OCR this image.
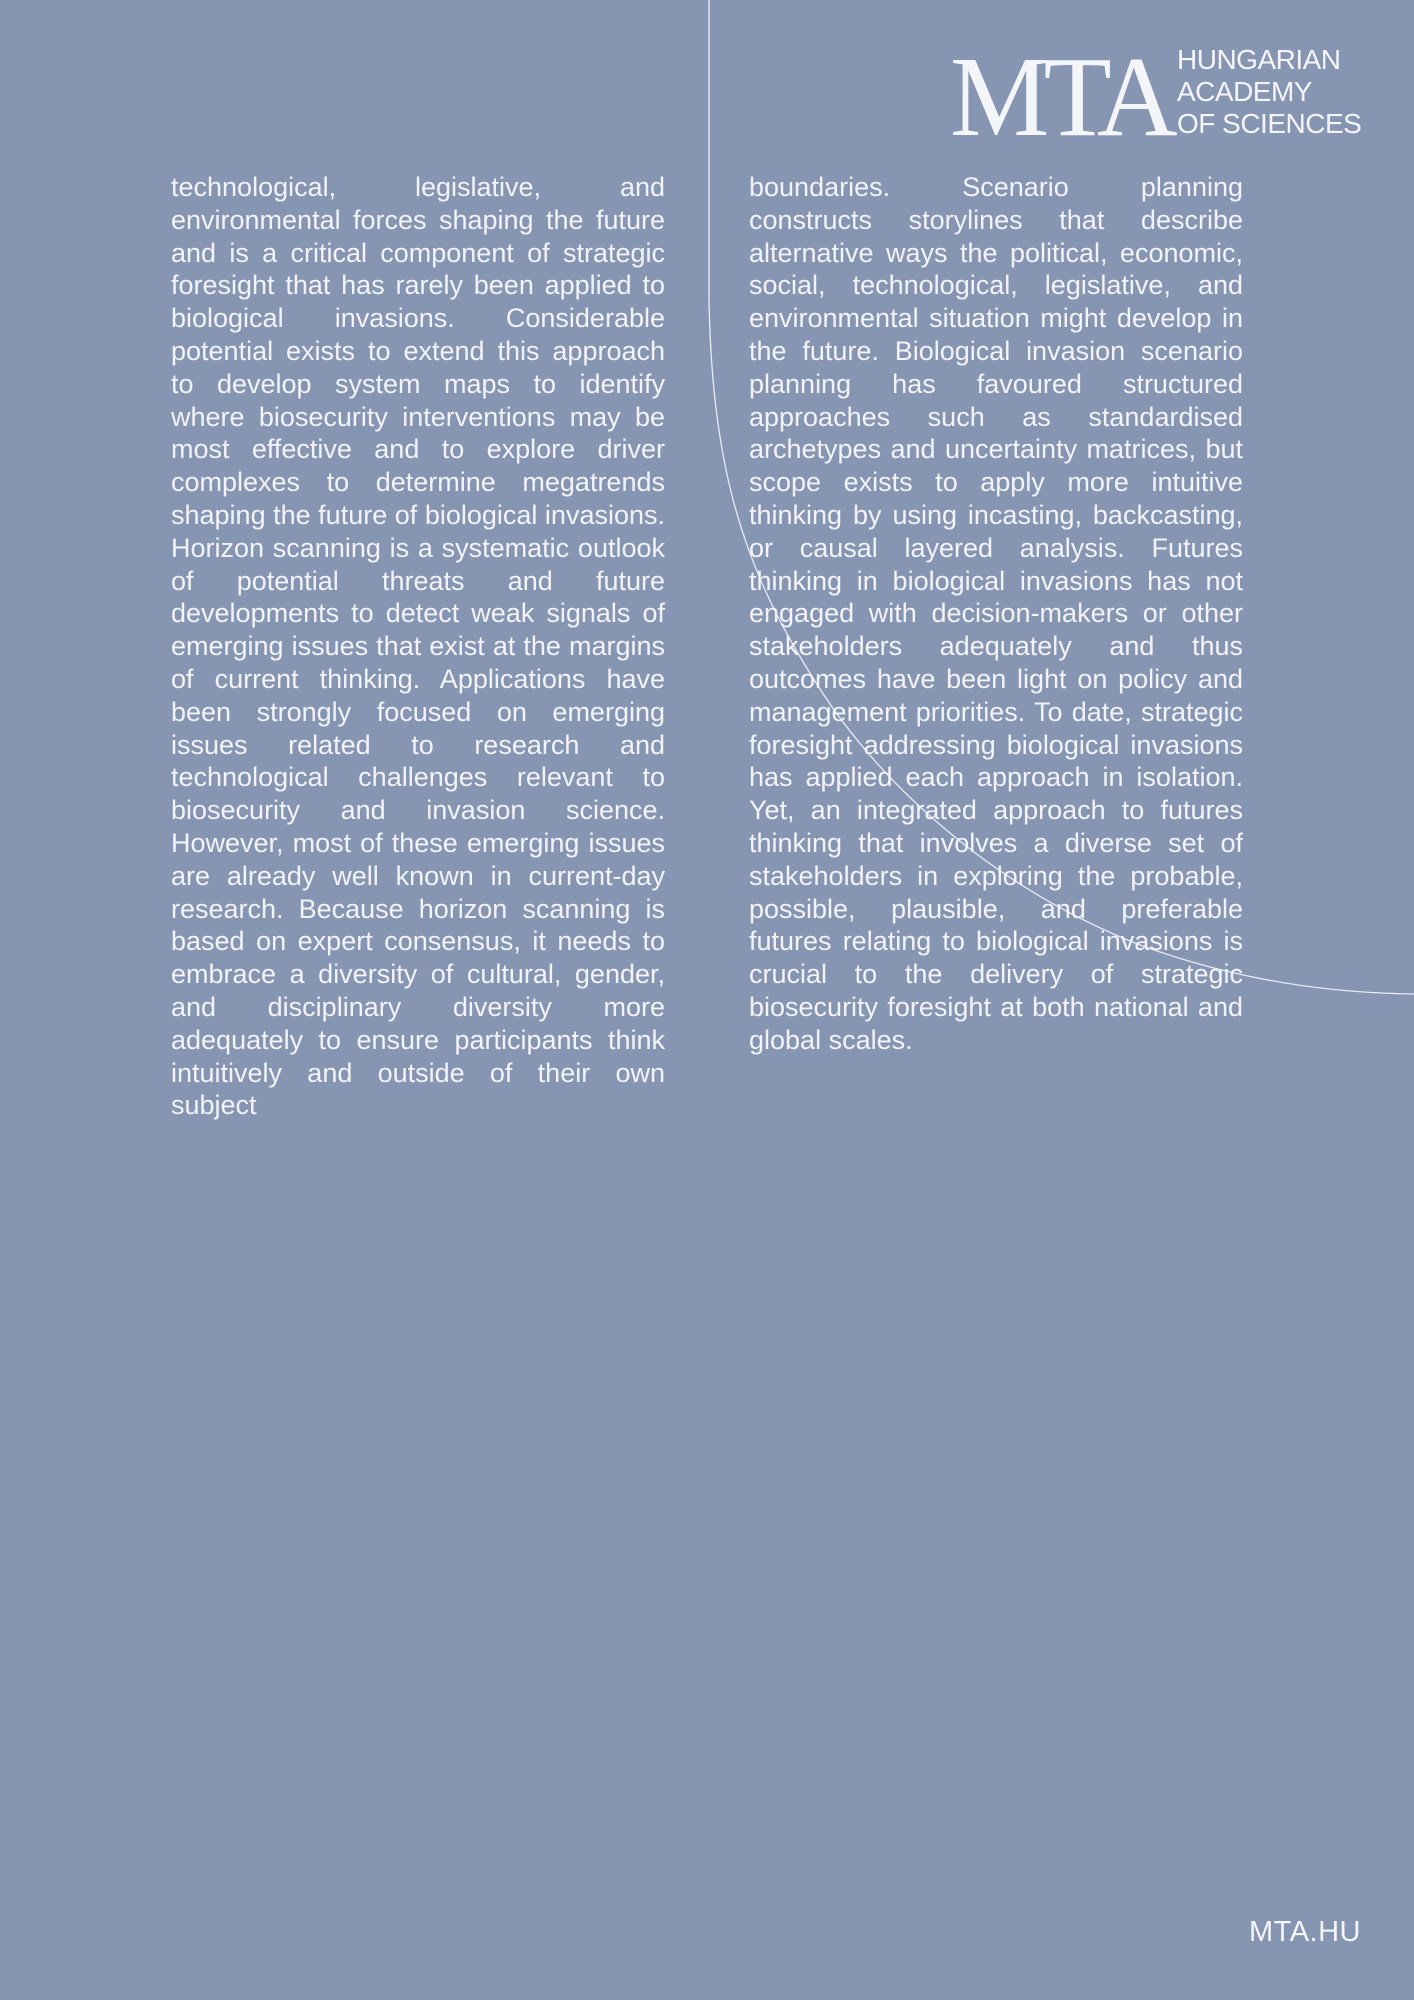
MTA HUNGARIAN
ACADEMY
OF SCIENCES
technological, legislative, and environmental forces shaping the future and is a critical component of strategic foresight that has rarely been applied to biological invasions. Considerable potential exists to extend this approach to develop system maps to identify where biosecurity interventions may be most effective and to explore driver complexes to determine megatrends shaping the future of biological invasions. Horizon scanning is a systematic outlook of potential threats and future developments to detect weak signals of emerging issues that exist at the margins of current thinking. Applications have been strongly focused on emerging issues related to research and technological challenges relevant to biosecurity and invasion science. However, most of these emerging issues are already well known in current-day research. Because horizon scanning is based on expert consensus, it needs to embrace a diversity of cultural, gender, and disciplinary diversity more adequately to ensure participants think intuitively and outside of their own subject
boundaries. Scenario planning constructs storylines that describe alternative ways the political, economic, social, technological, legislative, and environmental situation might develop in the future. Biological invasion scenario planning has favoured structured approaches such as standardised archetypes and uncertainty matrices, but scope exists to apply more intuitive thinking by using incasting, backcasting, or causal layered analysis. Futures thinking in biological invasions has not engaged with decision-makers or other stakeholders adequately and thus outcomes have been light on policy and management priorities. To date, strategic foresight addressing biological invasions has applied each approach in isolation. Yet, an integrated approach to futures thinking that involves a diverse set of stakeholders in exploring the probable, possible, plausible, and preferable futures relating to biological invasions is crucial to the delivery of strategic biosecurity foresight at both national and global scales.
MTA.HU
